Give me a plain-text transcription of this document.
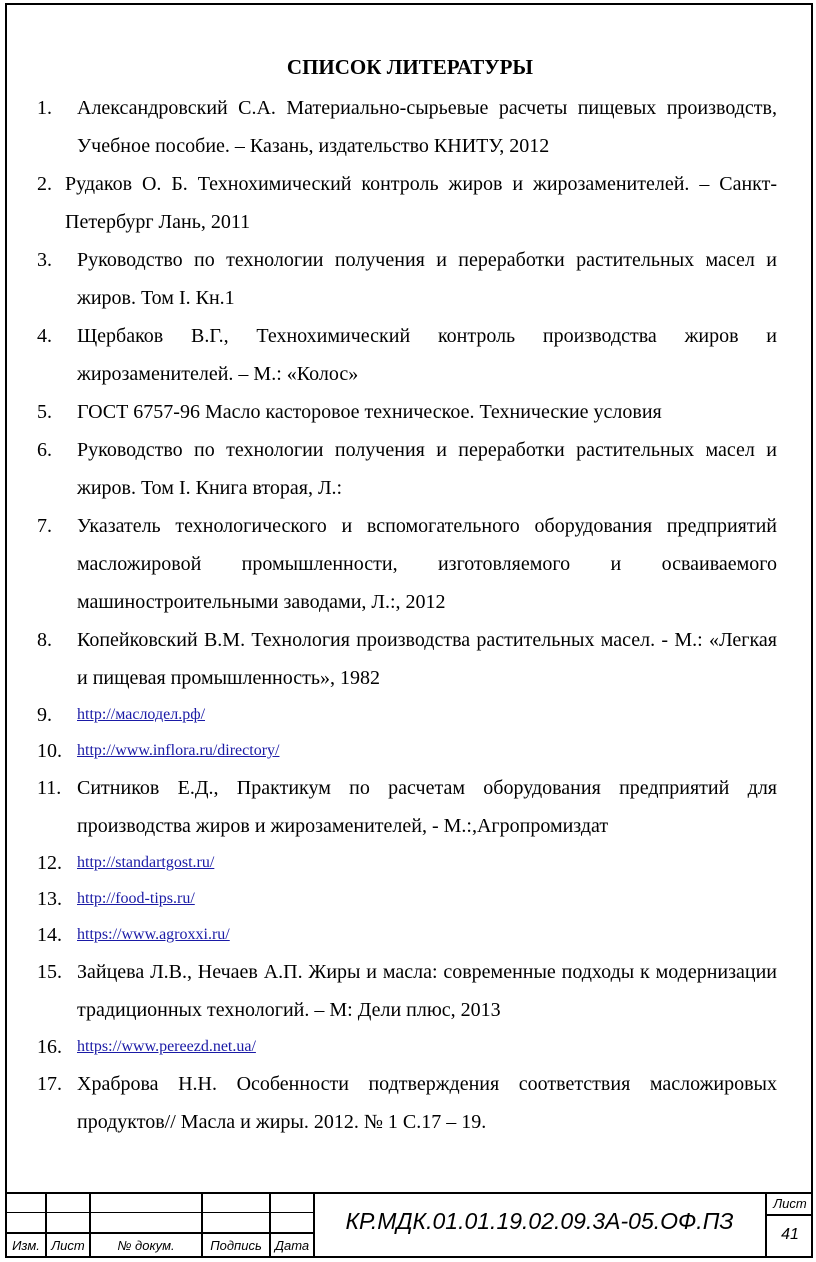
СПИСОК ЛИТЕРАТУРЫ
1.	Александровский С.А. Материально-сырьевые расчеты пищевых производств, Учебное пособие. – Казань, издательство КНИТУ, 2012
2. Рудаков О. Б. Технохимический контроль жиров и жирозаменителей. – Санкт-Петербург Лань, 2011
3.	Руководство по технологии получения и переработки растительных масел и жиров. Том I. Кн.1
4.	Щербаков В.Г., Технохимический контроль производства жиров и жирозаменителей. – М.: «Колос»
5.	ГОСТ 6757-96 Масло касторовое техническое. Технические условия
6.	Руководство по технологии получения и переработки растительных масел и жиров. Том I. Книга вторая, Л.:
7.	Указатель технологического и вспомогательного оборудования предприятий масложировой промышленности, изготовляемого и осваиваемого машиностроительными заводами, Л.:, 2012
8.	Копейковский В.М. Технология производства растительных масел. - М.: «Легкая и пищевая промышленность», 1982
9.	http://маслодел.рф/
10. http://www.inflora.ru/directory/
11. Ситников Е.Д., Практикум по расчетам оборудования предприятий для производства жиров и жирозаменителей, - М.:,Агропромиздат
12. http://standartgost.ru/
13. http://food-tips.ru/
14. https://www.agroxxi.ru/
15. Зайцева Л.В., Нечаев А.П. Жиры и масла: современные подходы к модернизации традиционных технологий. – М: Дели плюс, 2013
16. https://www.pereezd.net.ua/
17. Храброва Н.Н. Особенности подтверждения соответствия масложировых продуктов// Масла и жиры. 2012. № 1 С.17 – 19.
Изм. Лист	№ докум.	Подпись	Дата
КР.МДК.01.01.19.02.09.3А-05.ОФ.ПЗ
Лист
41
